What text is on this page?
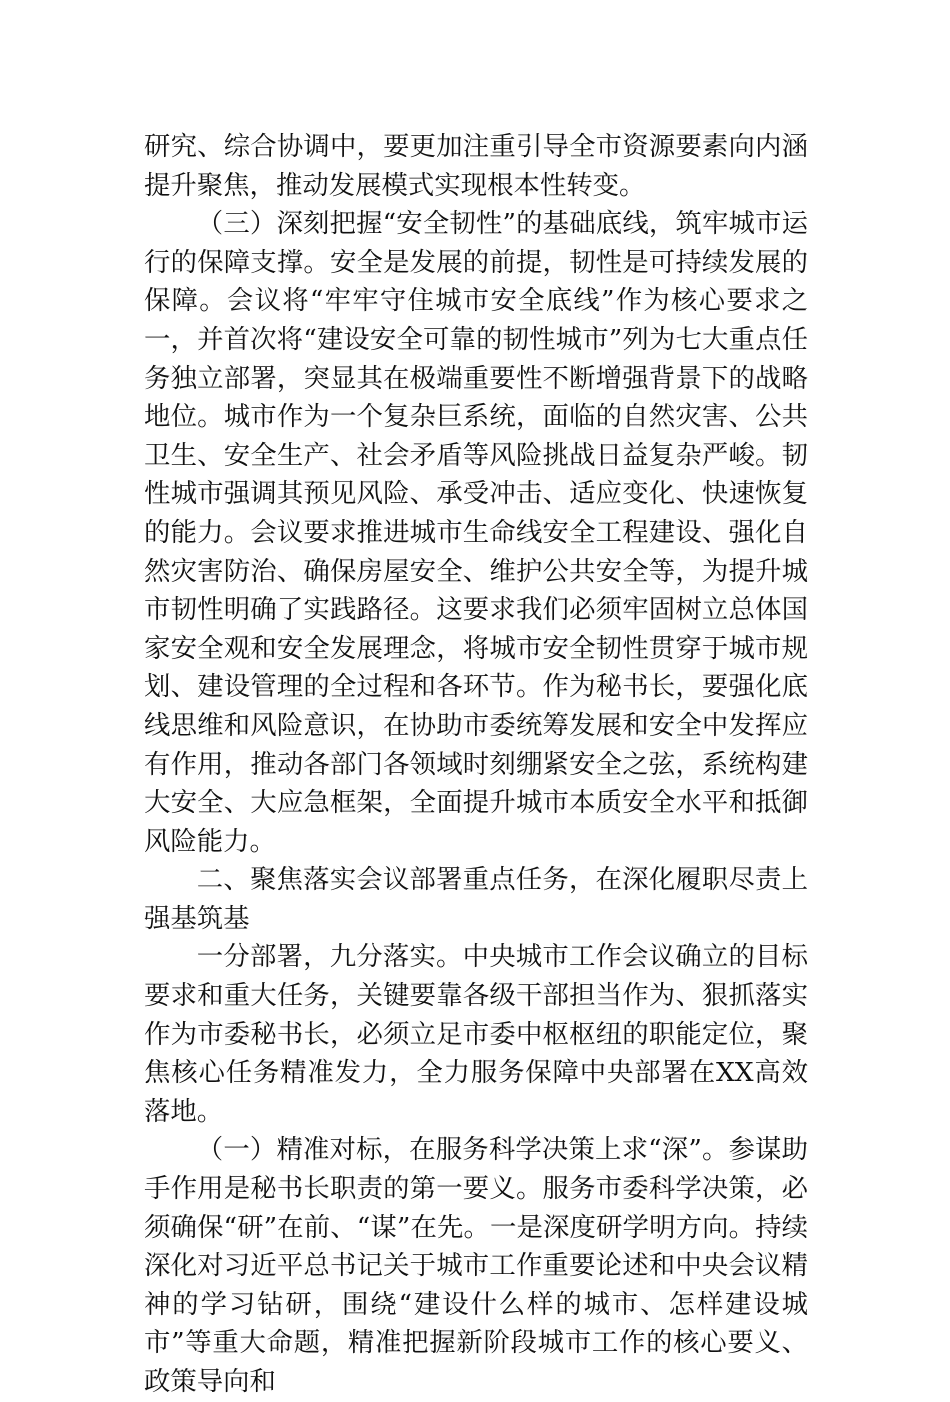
研究、综合协调中，要更加注重引导全市资源要素向内涵提升聚焦，推动发展模式实现根本性转变。

（三）深刻把握“安全韧性”的基础底线，筑牢城市运行的保障支撑。安全是发展的前提，韧性是可持续发展的保障。会议将“牢牢守住城市安全底线”作为核心要求之一，并首次将“建设安全可靠的韧性城市”列为七大重点任务独立部署，突显其在极端重要性不断增强背景下的战略地位。城市作为一个复杂巨系统，面临的自然灾害、公共卫生、安全生产、社会矛盾等风险挑战日益复杂严峻。韧性城市强调其预见风险、承受冲击、适应变化、快速恢复的能力。会议要求推进城市生命线安全工程建设、强化自然灾害防治、确保房屋安全、维护公共安全等，为提升城市韧性明确了实践路径。这要求我们必须牢固树立总体国家安全观和安全发展理念，将城市安全韧性贯穿于城市规划、建设管理的全过程和各环节。作为秘书长，要强化底线思维和风险意识，在协助市委统筹发展和安全中发挥应有作用，推动各部门各领域时刻绷紧安全之弦，系统构建大安全、大应急框架，全面提升城市本质安全水平和抵御风险能力。

二、聚焦落实会议部署重点任务，在深化履职尽责上强基筑基

一分部署，九分落实。中央城市工作会议确立的目标要求和重大任务，关键要靠各级干部担当作为、狠抓落实作为市委秘书长，必须立足市委中枢枢纽的职能定位，聚焦核心任务精准发力，全力服务保障中央部署在XX高效落地。

（一）精准对标，在服务科学决策上求“深”。参谋助手作用是秘书长职责的第一要义。服务市委科学决策，必须确保“研”在前、“谋”在先。一是深度研学明方向。持续深化对习近平总书记关于城市工作重要论述和中央会议精神的学习钻研，围绕“建设什么样的城市、怎样建设城市”等重大命题，精准把握新阶段城市工作的核心要义、政策导向和
